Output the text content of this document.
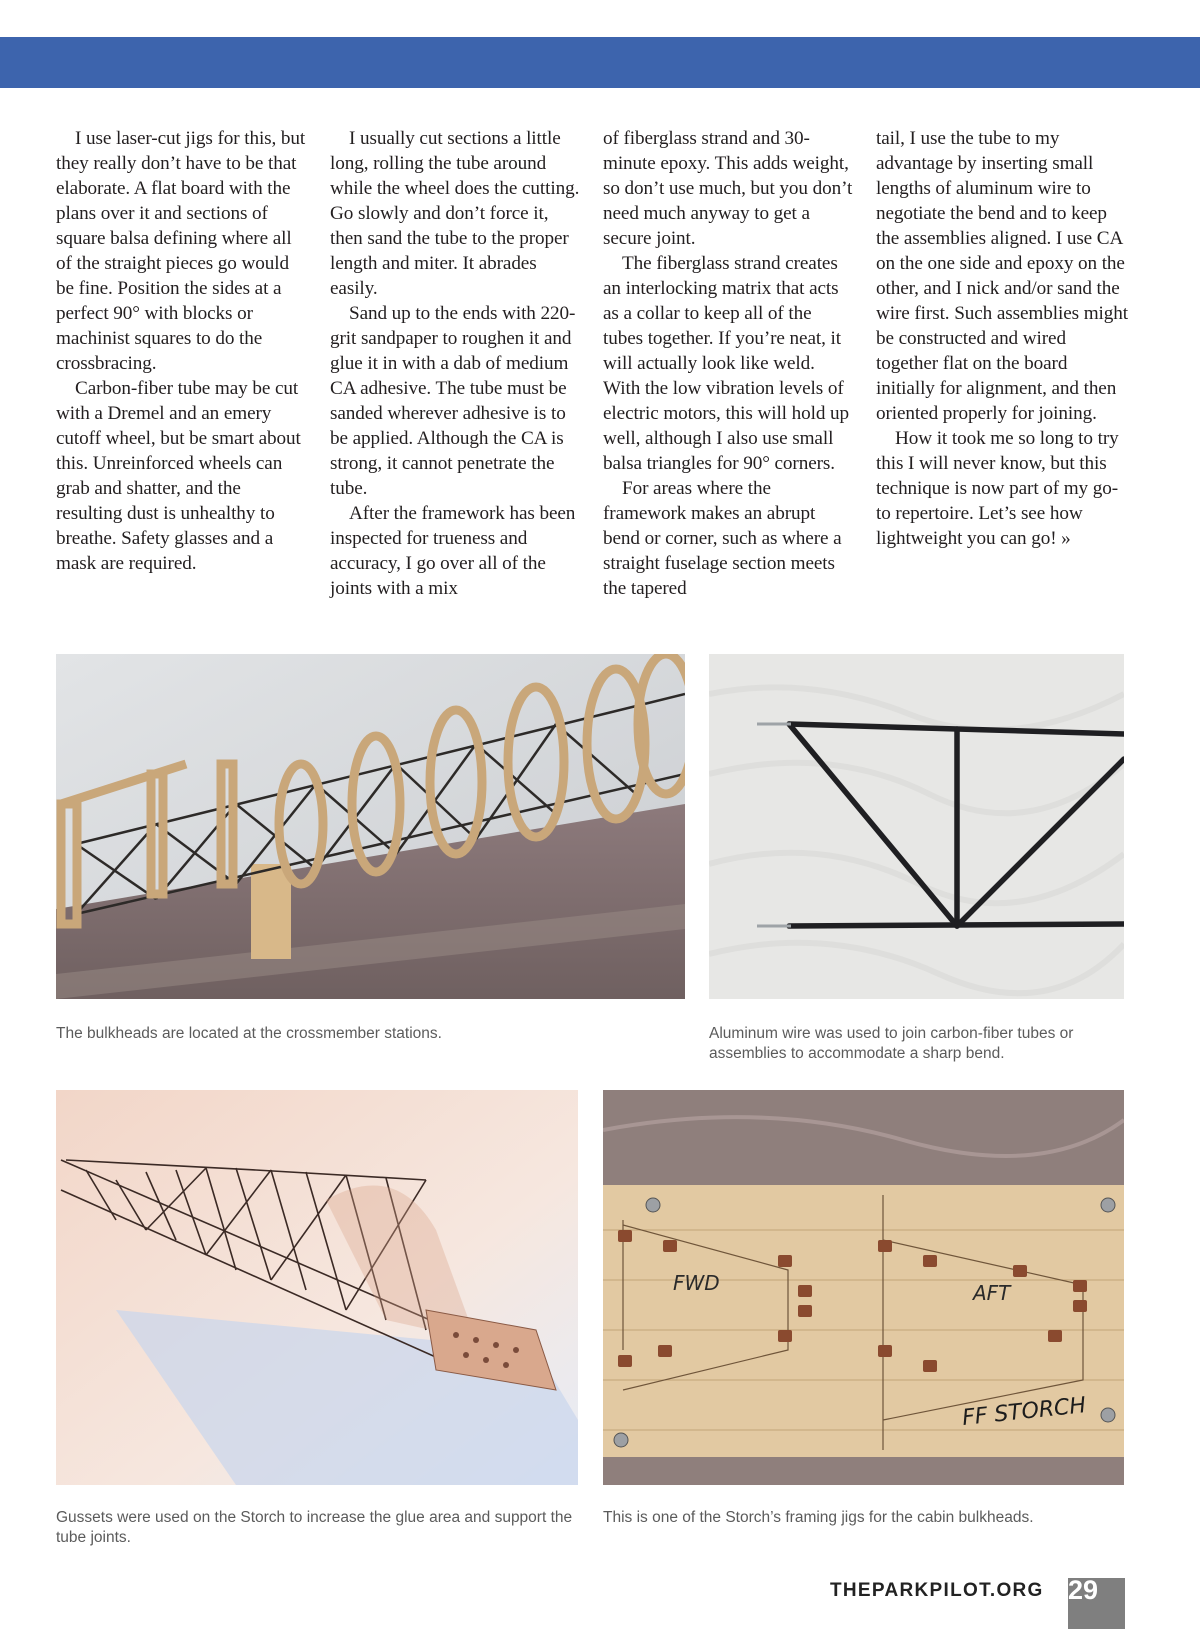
I use laser-cut jigs for this, but they really don’t have to be that elaborate. A flat board with the plans over it and sections of square balsa defining where all of the straight pieces go would be fine. Position the sides at a perfect 90° with blocks or machinist squares to do the crossbracing.

Carbon-fiber tube may be cut with a Dremel and an emery cutoff wheel, but be smart about this. Unreinforced wheels can grab and shatter, and the resulting dust is unhealthy to breathe. Safety glasses and a mask are required.

I usually cut sections a little long, rolling the tube around while the wheel does the cutting. Go slowly and don’t force it, then sand the tube to the proper length and miter. It abrades easily.

Sand up to the ends with 220-grit sandpaper to roughen it and glue it in with a dab of medium CA adhesive. The tube must be sanded wherever adhesive is to be applied. Although the CA is strong, it cannot penetrate the tube.

After the framework has been inspected for trueness and accuracy, I go over all of the joints with a mix

of fiberglass strand and 30-minute epoxy. This adds weight, so don’t use much, but you don’t need much anyway to get a secure joint.

The fiberglass strand creates an interlocking matrix that acts as a collar to keep all of the tubes together. If you’re neat, it will actually look like weld. With the low vibration levels of electric motors, this will hold up well, although I also use small balsa triangles for 90° corners.

For areas where the framework makes an abrupt bend or corner, such as where a straight fuselage section meets the tapered

tail, I use the tube to my advantage by inserting small lengths of aluminum wire to negotiate the bend and to keep the assemblies aligned. I use CA on the one side and epoxy on the other, and I nick and/or sand the wire first. Such assemblies might be constructed and wired together flat on the board initially for alignment, and then oriented properly for joining.

How it took me so long to try this I will never know, but this technique is now part of my go-to repertoire. Let’s see how lightweight you can go! »

The bulkheads are located at the crossmember stations.	Aluminum wire was used to join carbon-fiber tubes or assemblies to accommodate a sharp bend.
Gussets were used on the Storch to increase the glue area and support the tube joints.
FWD	AFT
FF STORCH
This is one of the Storch’s framing jigs for the cabin bulkheads.
THEPARKPILOT.ORG 29
